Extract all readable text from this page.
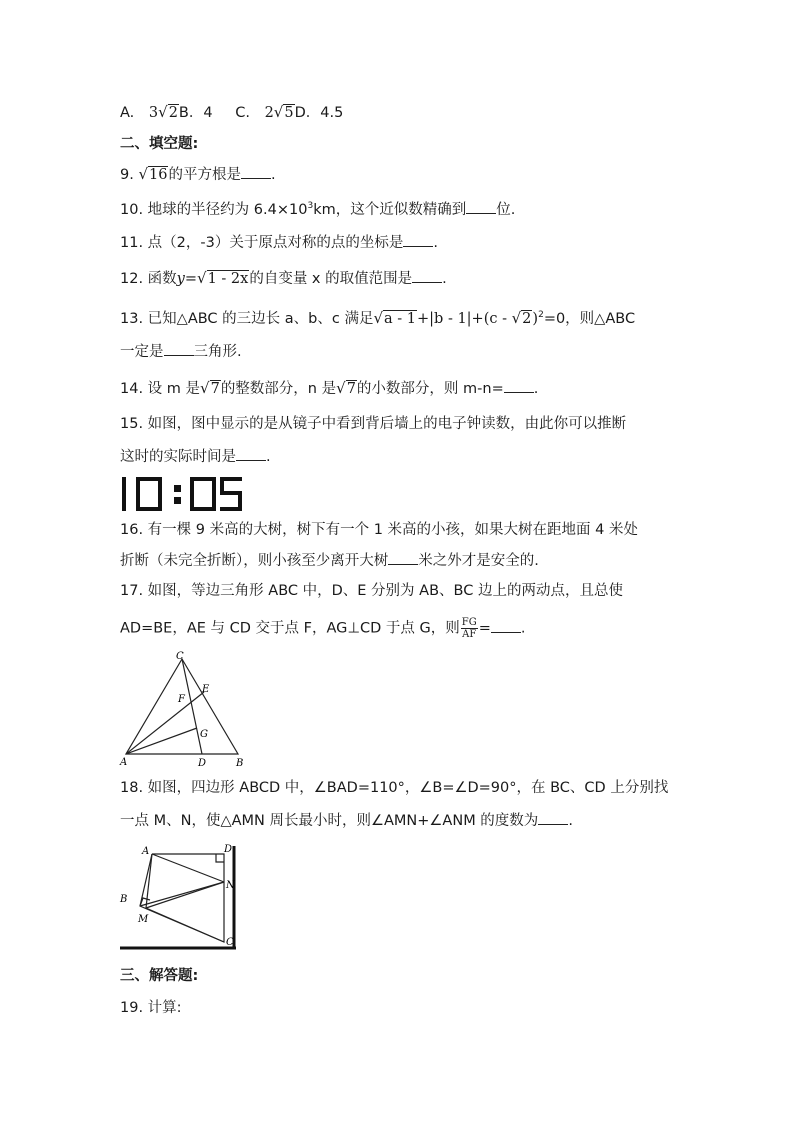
A. 3√2B．4 C. 2√5D．4.5
二、填空题:
9. √16的平方根是 .
10. 地球的半径约为 $6.4\times 10^3km$，这个近似数精确到 位.
11. 点（2，-3）关于原点对称的点的坐标是 .
12. 函数y=√1 - 2x的自变量 x 的取值范围是 .
13. 已知△ABC 的三边长 a、b、c 满足√a - 1+|b - 1|+(c - √2)$^2$=0，则△ABC
一定是 三角形.
14. 设 m 是√7的整数部分，n 是√7的小数部分，则 m-n= .
15. 如图，图中显示的是从镜子中看到背后墙上的电子钟读数，由此你可以推断
这时的实际时间是 .
16. 有一棵 9 米高的大树，树下有一个 1 米高的小孩，如果大树在距地面 4 米处
折断（未完全折断），则小孩至少离开大树 米之外才是安全的.
17. 如图，等边三角形 ABC 中，D、E 分别为 AB、BC 边上的两动点，且总使
AD=BE，AE 与 CD 交于点 F，AG⊥CD 于点 G，则 $\frac{FG}{AF}$ = .
C
E
F
G
A	D	B
18. 如图，四边形 ABCD 中，∠BAD=110°，∠B=∠D=90°，在 BC、CD 上分别找
一点 M、N，使△AMN 周长最小时，则∠AMN+∠ANM 的度数为 .
A	D
N
B
M
C
三、解答题:
19. 计算:
